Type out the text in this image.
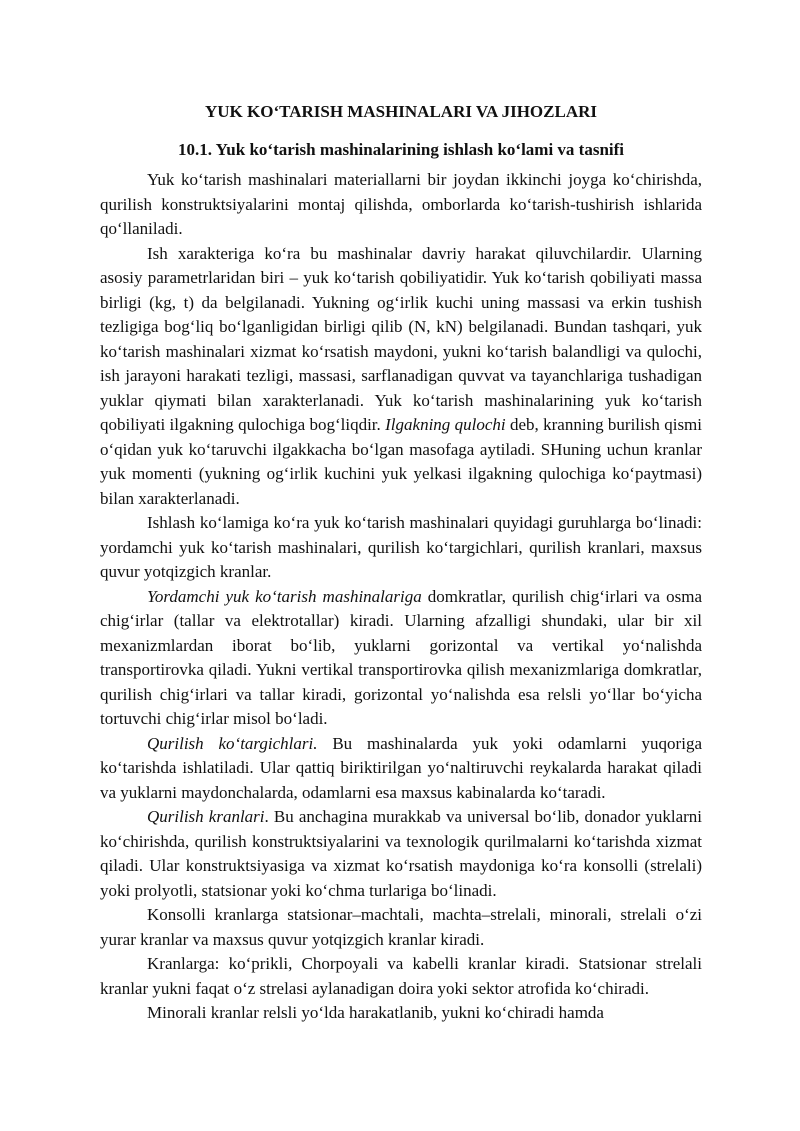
YUK KO‘TARISH MASHINALARI VA JIHOZLARI
10.1. Yuk ko‘tarish mashinalarining ishlash ko‘lami va tasnifi

Yuk ko‘tarish mashinalari materiallarni bir joydan ikkinchi joyga ko‘chirishda, qurilish konstruktsiyalarini montaj qilishda, omborlarda ko‘tarish-tushirish ishlarida qo‘llaniladi.

Ish xarakteriga ko‘ra bu mashinalar davriy harakat qiluvchilardir. Ularning asosiy parametrlaridan biri – yuk ko‘tarish qobiliyatidir. Yuk ko‘tarish qobiliyati massa birligi (kg, t) da belgilanadi. Yukning og‘irlik kuchi uning massasi va erkin tushish tezligiga bog‘liq bo‘lganligidan birligi qilib (N, kN) belgilanadi. Bundan tashqari, yuk ko‘tarish mashinalari xizmat ko‘rsatish maydoni, yukni ko‘tarish balandligi va qulochi, ish jarayoni harakati tezligi, massasi, sarflanadigan quvvat va tayanchlariga tushadigan yuklar qiymati bilan xarakterlanadi. Yuk ko‘tarish mashinalarining yuk ko‘tarish qobiliyati ilgakning qulochiga bog‘liqdir. Ilgakning qulochi deb, kranning burilish qismi o‘qidan yuk ko‘taruvchi ilgakkacha bo‘lgan masofaga aytiladi. SHuning uchun kranlar yuk momenti (yukning og‘irlik kuchini yuk yelkasi ilgakning qulochiga ko‘paytmasi) bilan xarakterlanadi.

Ishlash ko‘lamiga ko‘ra yuk ko‘tarish mashinalari quyidagi guruhlarga bo‘linadi: yordamchi yuk ko‘tarish mashinalari, qurilish ko‘targichlari, qurilish kranlari, maxsus quvur yotqizgich kranlar.

Yordamchi yuk ko‘tarish mashinalariga domkratlar, qurilish chig‘irlari va osma chig‘irlar (tallar va elektrotallar) kiradi. Ularning afzalligi shundaki, ular bir xil mexanizmlardan iborat bo‘lib, yuklarni gorizontal va vertikal yo‘nalishda transportirovka qiladi. Yukni vertikal transportirovka qilish mexanizmlariga domkratlar, qurilish chig‘irlari va tallar kiradi, gorizontal yo‘nalishda esa relsli yo‘llar bo‘yicha tortuvchi chig‘irlar misol bo‘ladi.

Qurilish ko‘targichlari. Bu mashinalarda yuk yoki odamlarni yuqoriga ko‘tarishda ishlatiladi. Ular qattiq biriktirilgan yo‘naltiruvchi reykalarda harakat qiladi va yuklarni maydonchalarda, odamlarni esa maxsus kabinalarda ko‘taradi.

Qurilish kranlari. Bu anchagina murakkab va universal bo‘lib, donador yuklarni ko‘chirishda, qurilish konstruktsiyalarini va texnologik qurilmalarni ko‘tarishda xizmat qiladi. Ular konstruktsiyasiga va xizmat ko‘rsatish maydoniga ko‘ra konsolli (strelali) yoki prolyotli, statsionar yoki ko‘chma turlariga bo‘linadi.

Konsolli kranlarga statsionar–machtali, machta–strelali, minorali, strelali o‘zi yurar kranlar va maxsus quvur yotqizgich kranlar kiradi.

Kranlarga: ko‘prikli, Chorpoyali va kabelli kranlar kiradi. Statsionar strelali kranlar yukni faqat o‘z strelasi aylanadigan doira yoki sektor atrofida ko‘chiradi.

Minorali kranlar relsli yo‘lda harakatlanib, yukni ko‘chiradi hamda
